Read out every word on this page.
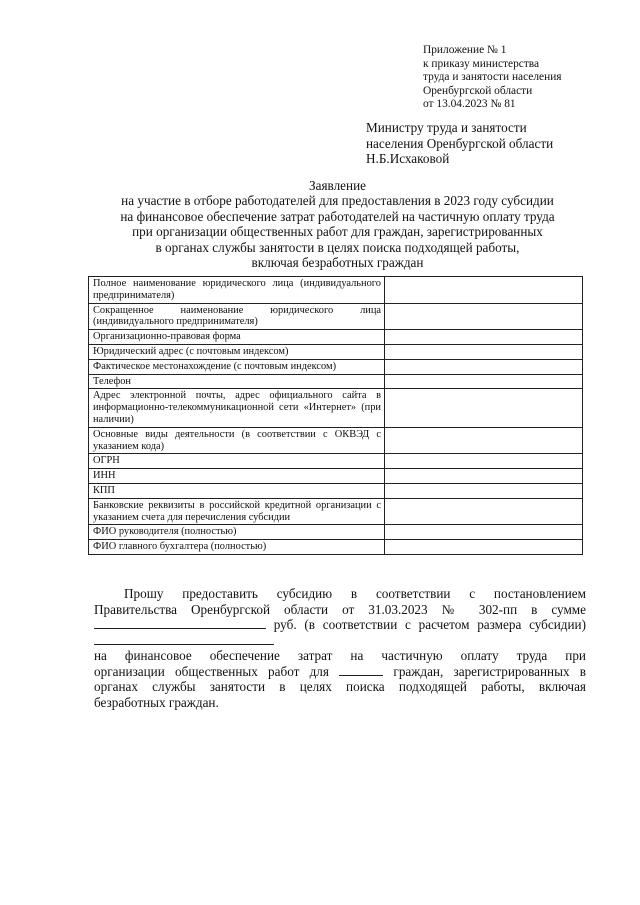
Приложение № 1
к приказу министерства
труда и занятости населения
Оренбургской области
от 13.04.2023 № 81
Министру труда и занятости
населения Оренбургской области
Н.Б.Исхаковой
Заявление
на участие в отборе работодателей для предоставления в 2023 году субсидии
на финансовое обеспечение затрат работодателей на частичную оплату труда
при организации общественных работ для граждан, зарегистрированных
в органах службы занятости в целях поиска подходящей работы,
включая безработных граждан
Полное наименование юридического лица (индивидуального предпринимателя)	
Сокращенное наименование юридического лица (индивидуального предпринимателя)	
Организационно-правовая форма	
Юридический адрес (с почтовым индексом)	
Фактическое местонахождение (с почтовым индексом)	
Телефон	
Адрес электронной почты, адрес официального сайта в информационно-телекоммуникационной сети «Интернет» (при наличии)	
Основные виды деятельности (в соответствии с ОКВЭД с указанием кода)	
ОГРН	
ИНН	
КПП	
Банковские реквизиты в российской кредитной организации с указанием счета для перечисления субсидии	
ФИО руководителя (полностью)	
ФИО главного бухгалтера (полностью)	

Прошу предоставить субсидию в соответствии с постановлением
Правительства Оренбургской области от 31.03.2023 № 302-пп в сумме
руб. (в соответствии с расчетом размера субсидии)
на финансовое обеспечение затрат на частичную оплату труда при
организации общественных работ для	граждан, зарегистрированных в
органах службы занятости в целях поиска подходящей работы, включая
безработных граждан.
